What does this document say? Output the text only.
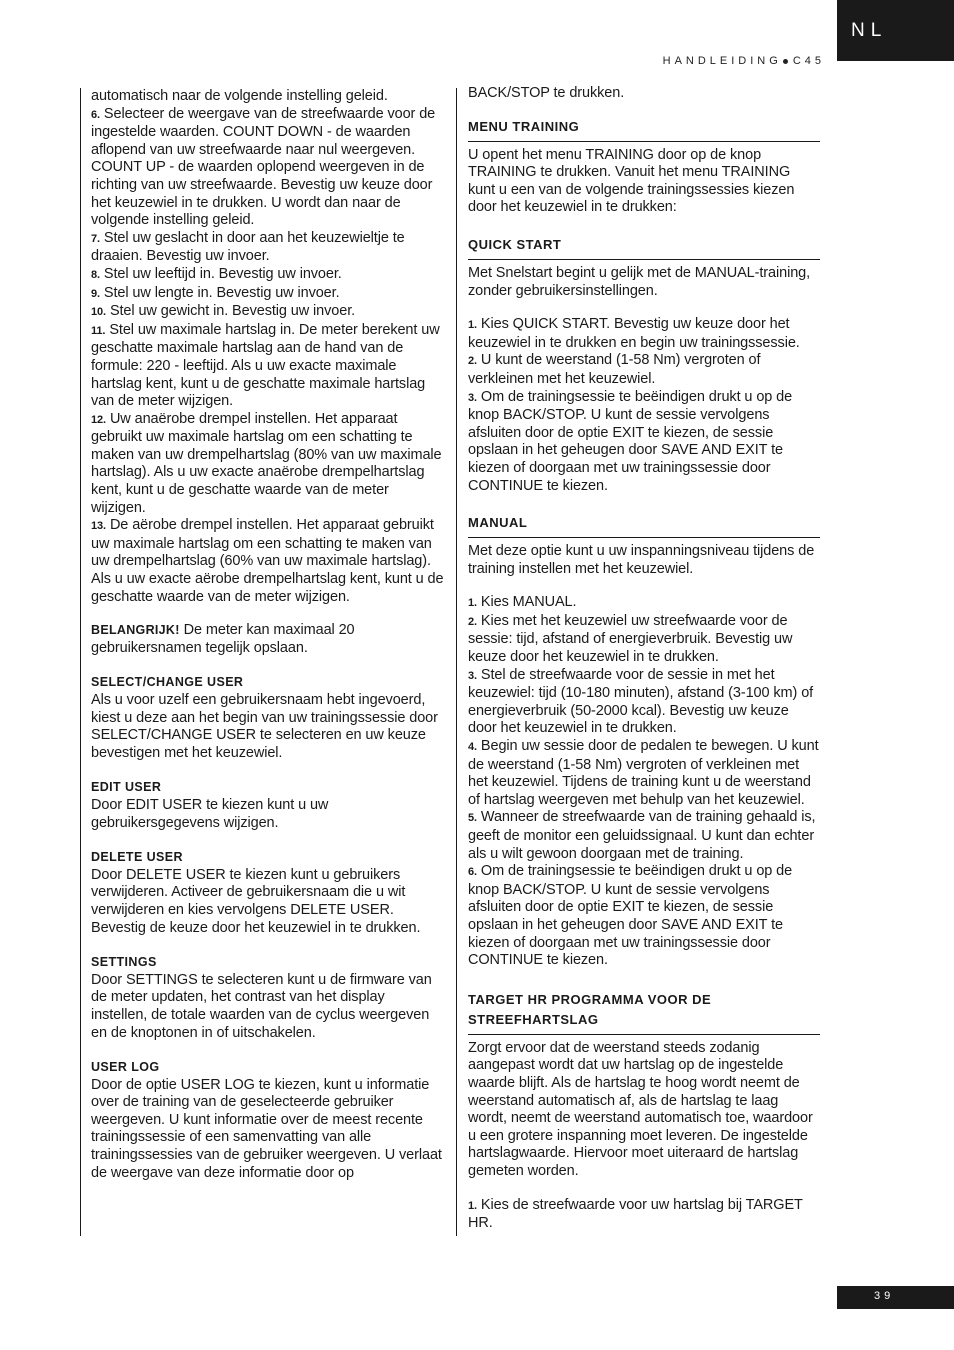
NL
HANDLEIDING C45

automatisch naar de volgende instelling geleid.

6. Selecteer de weergave van de streefwaarde voor de ingestelde waarden. COUNT DOWN - de waarden aflopend van uw streefwaarde naar nul weergeven. COUNT UP - de waarden oplopend weergeven in de richting van uw streefwaarde. Bevestig uw keuze door het keuzewiel in te drukken. U wordt dan naar de volgende instelling geleid.

7. Stel uw geslacht in door aan het keuzewieltje te draaien. Bevestig uw invoer.

8. Stel uw leeftijd in. Bevestig uw invoer.

9. Stel uw lengte in. Bevestig uw invoer.

10. Stel uw gewicht in. Bevestig uw invoer.

11. Stel uw maximale hartslag in. De meter berekent uw geschatte maximale hartslag aan de hand van de formule: 220 - leeftijd. Als u uw exacte maximale hartslag kent, kunt u de geschatte maximale hartslag van de meter wijzigen.

12. Uw anaërobe drempel instellen. Het apparaat gebruikt uw maximale hartslag om een schatting te maken van uw drempelhartslag (80% van uw maximale hartslag). Als u uw exacte anaërobe drempelhartslag kent, kunt u de geschatte waarde van de meter wijzigen.

13. De aërobe drempel instellen. Het apparaat gebruikt uw maximale hartslag om een schatting te maken van uw drempelhartslag (60% van uw maximale hartslag). Als u uw exacte aërobe drempelhartslag kent, kunt u de geschatte waarde van de meter wijzigen.

BELANGRIJK! De meter kan maximaal 20 gebruikersnamen tegelijk opslaan.

SELECT/CHANGE USER

Als u voor uzelf een gebruikersnaam hebt ingevoerd, kiest u deze aan het begin van uw trainingssessie door SELECT/CHANGE USER te selecteren en uw keuze bevestigen met het keuzewiel.

EDIT USER

Door EDIT USER te kiezen kunt u uw gebruikersgegevens wijzigen.

DELETE USER

Door DELETE USER te kiezen kunt u gebruikers verwijderen. Activeer de gebruikersnaam die u wit verwijderen en kies vervolgens DELETE USER. Bevestig de keuze door het keuzewiel in te drukken.

SETTINGS

Door SETTINGS te selecteren kunt u de firmware van de meter updaten, het contrast van het display instellen, de totale waarden van de cyclus weergeven en de knoptonen in of uitschakelen.

USER LOG

Door de optie USER LOG te kiezen, kunt u informatie over de training van de geselecteerde gebruiker weergeven. U kunt informatie over de meest recente trainingssessie of een samenvatting van alle trainingssessies van de gebruiker weergeven. U verlaat de weergave van deze informatie door op

BACK/STOP te drukken.

MENU TRAINING

U opent het menu TRAINING door op de knop TRAINING te drukken. Vanuit het menu TRAINING kunt u een van de volgende trainingssessies kiezen door het keuzewiel in te drukken:

QUICK START

Met Snelstart begint u gelijk met de MANUAL-training, zonder gebruikersinstellingen.

1. Kies QUICK START. Bevestig uw keuze door het keuzewiel in te drukken en begin uw trainingssessie.

2. U kunt de weerstand (1-58 Nm) vergroten of verkleinen met het keuzewiel.

3. Om de trainingsessie te beëindigen drukt u op de knop BACK/STOP. U kunt de sessie vervolgens afsluiten door de optie EXIT te kiezen, de sessie opslaan in het geheugen door SAVE AND EXIT te kiezen of doorgaan met uw trainingssessie door CONTINUE te kiezen.

MANUAL

Met deze optie kunt u uw inspanningsniveau tijdens de training instellen met het keuzewiel.

1. Kies MANUAL.

2. Kies met het keuzewiel uw streefwaarde voor de sessie: tijd, afstand of energieverbruik. Bevestig uw keuze door het keuzewiel in te drukken.

3. Stel de streefwaarde voor de sessie in met het keuzewiel: tijd (10-180 minuten), afstand (3-100 km) of energieverbruik (50-2000 kcal). Bevestig uw keuze door het keuzewiel in te drukken.

4. Begin uw sessie door de pedalen te bewegen. U kunt de weerstand (1-58 Nm) vergroten of verkleinen met het keuzewiel. Tijdens de training kunt u de weerstand of hartslag weergeven met behulp van het keuzewiel.

5. Wanneer de streefwaarde van de training gehaald is, geeft de monitor een geluidssignaal. U kunt dan echter als u wilt gewoon doorgaan met de training.

6. Om de trainingsessie te beëindigen drukt u op de knop BACK/STOP. U kunt de sessie vervolgens afsluiten door de optie EXIT te kiezen, de sessie opslaan in het geheugen door SAVE AND EXIT te kiezen of doorgaan met uw trainingssessie door CONTINUE te kiezen.

TARGET HR PROGRAMMA VOOR DE
STREEFHARTSLAG

Zorgt ervoor dat de weerstand steeds zodanig aangepast wordt dat uw hartslag op de ingestelde waarde blijft. Als de hartslag te hoog wordt neemt de weerstand automatisch af, als de hartslag te laag wordt, neemt de weerstand automatisch toe, waardoor u een grotere inspanning moet leveren. De ingestelde hartslagwaarde. Hiervoor moet uiteraard de hartslag gemeten worden.

1. Kies de streefwaarde voor uw hartslag bij TARGET HR.

39
